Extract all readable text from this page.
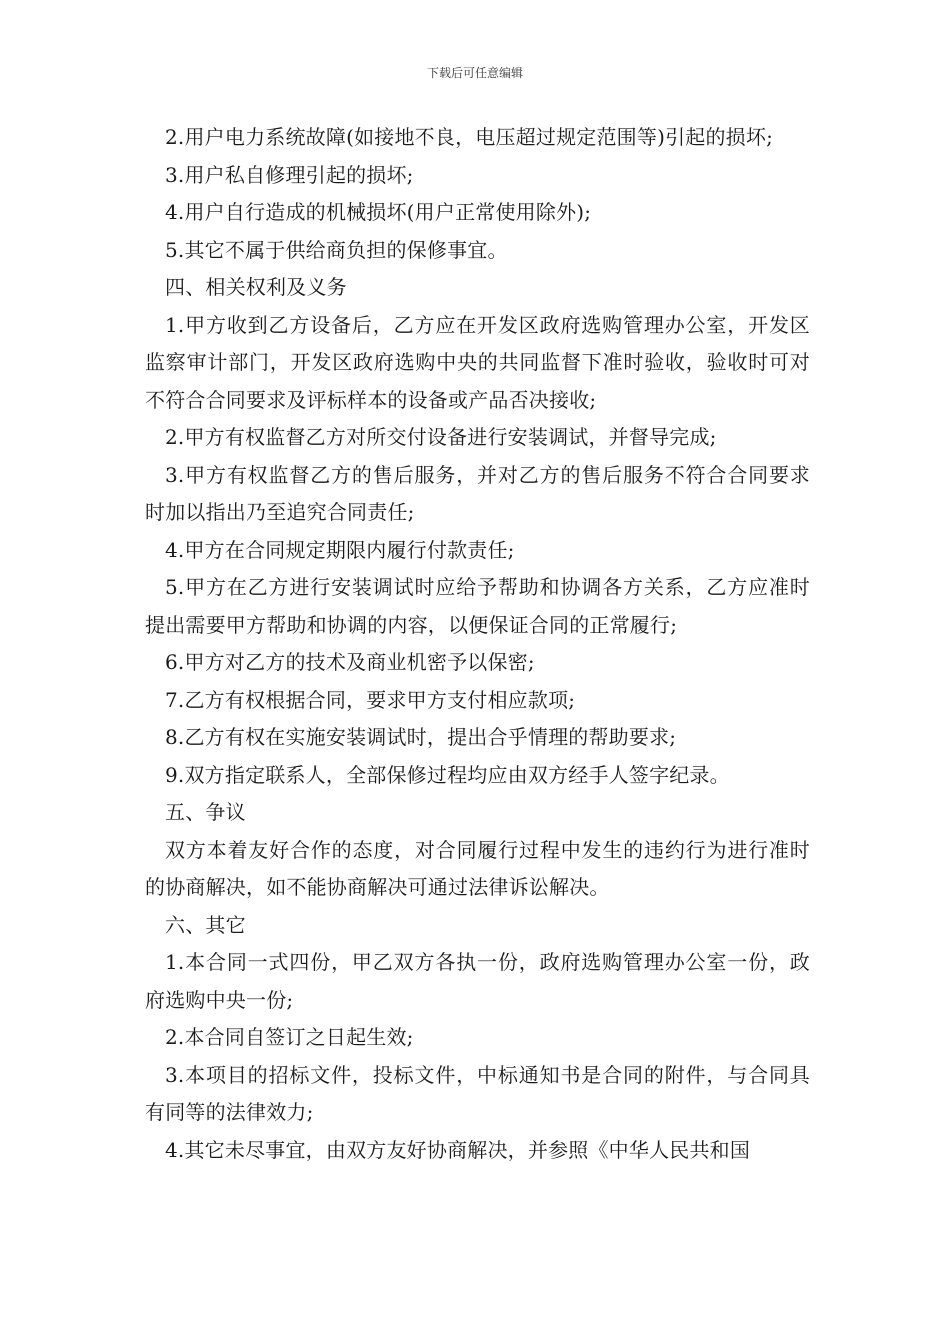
下载后可任意编辑

2.用户电力系统故障(如接地不良，电压超过规定范围等)引起的损坏;

3.用户私自修理引起的损坏;

4.用户自行造成的机械损坏(用户正常使用除外);

5.其它不属于供给商负担的保修事宜。

四、相关权利及义务

1.甲方收到乙方设备后，乙方应在开发区政府选购管理办公室，开发区监察审计部门，开发区政府选购中央的共同监督下准时验收，验收时可对不符合合同要求及评标样本的设备或产品否决接收;

2.甲方有权监督乙方对所交付设备进行安装调试，并督导完成;

3.甲方有权监督乙方的售后服务，并对乙方的售后服务不符合合同要求时加以指出乃至追究合同责任;

4.甲方在合同规定期限内履行付款责任;

5.甲方在乙方进行安装调试时应给予帮助和协调各方关系，乙方应准时提出需要甲方帮助和协调的内容，以便保证合同的正常履行;

6.甲方对乙方的技术及商业机密予以保密;

7.乙方有权根据合同，要求甲方支付相应款项;

8.乙方有权在实施安装调试时，提出合乎情理的帮助要求;

9.双方指定联系人，全部保修过程均应由双方经手人签字纪录。

五、争议

双方本着友好合作的态度，对合同履行过程中发生的违约行为进行准时的协商解决，如不能协商解决可通过法律诉讼解决。

六、其它

1.本合同一式四份，甲乙双方各执一份，政府选购管理办公室一份，政府选购中央一份;

2.本合同自签订之日起生效;

3.本项目的招标文件，投标文件，中标通知书是合同的附件，与合同具有同等的法律效力;

4.其它未尽事宜，由双方友好协商解决，并参照《中华人民共和国
